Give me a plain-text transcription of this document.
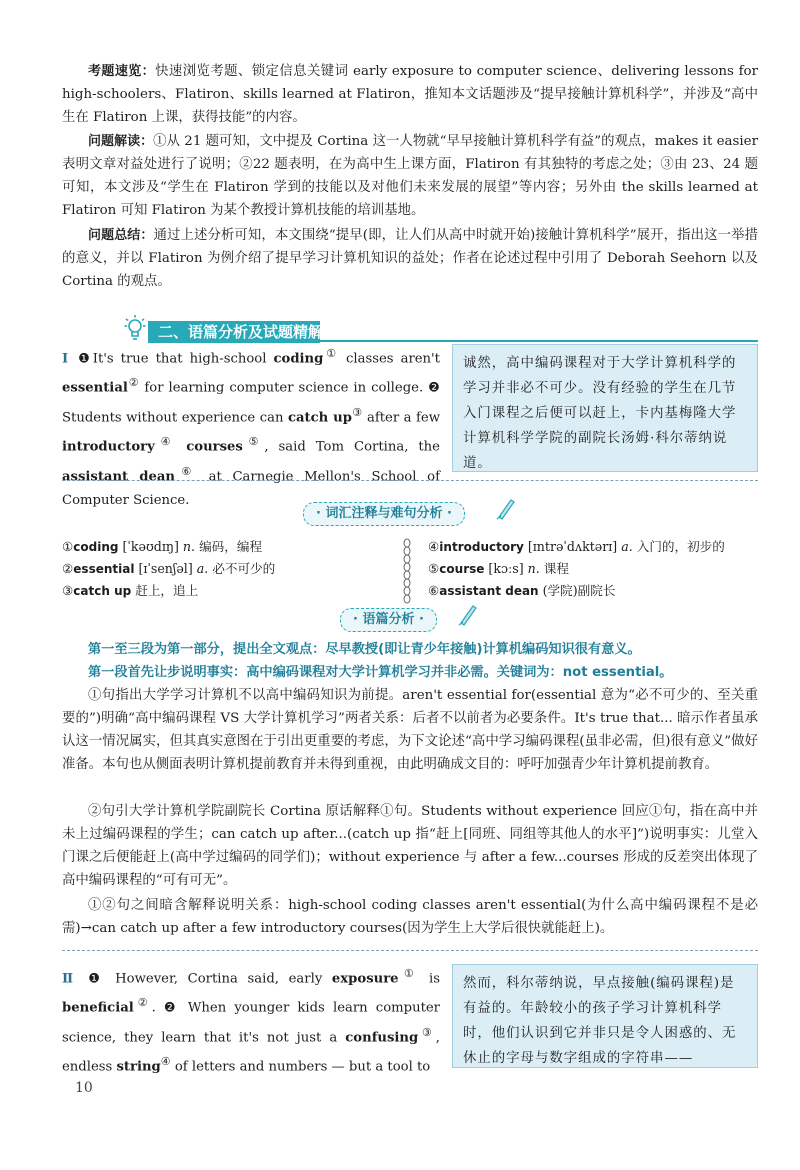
考题速览：快速浏览考题、锁定信息关键词 early exposure to computer science、delivering lessons for high-schoolers、Flatiron、skills learned at Flatiron，推知本文话题涉及“提早接触计算机科学”，并涉及“高中生在 Flatiron 上课，获得技能”的内容。
问题解读：①从 21 题可知，文中提及 Cortina 这一人物就“早早接触计算机科学有益”的观点，makes it easier 表明文章对益处进行了说明；②22 题表明，在为高中生上课方面，Flatiron 有其独特的考虑之处；③由 23、24 题可知，本文涉及“学生在 Flatiron 学到的技能以及对他们未来发展的展望”等内容；另外由 the skills learned at Flatiron 可知 Flatiron 为某个教授计算机技能的培训基地。
问题总结：通过上述分析可知，本文围绕“提早(即，让人们从高中时就开始)接触计算机科学”展开，指出这一举措的意义，并以 Flatiron 为例介绍了提早学习计算机知识的益处；作者在论述过程中引用了 Deborah Seehorn 以及 Cortina 的观点。
二、语篇分析及试题精解
Ⅰ ❶It's true that high-school coding① classes aren't essential② for learning computer science in college. ❷ Students without experience can catch up③ after a few introductory④ courses⑤, said Tom Cortina, the assistant dean⑥ at Carnegie Mellon's School of Computer Science.
诚然，高中编码课程对于大学计算机科学的学习并非必不可少。没有经验的学生在几节入门课程之后便可以赶上，卡内基梅隆大学计算机科学学院的副院长汤姆·科尔蒂纳说道。
· 词汇注释与难句分析 ·
①coding [ˈkəʊdɪŋ] n. 编码，编程
②essential [ɪˈsenʃəl] a. 必不可少的
③catch up 赶上，追上
④introductory [ɪntrəˈdʌktərɪ] a. 入门的，初步的
⑤course [kɔːs] n. 课程
⑥assistant dean (学院)副院长
· 语篇分析 ·
第一至三段为第一部分，提出全文观点：尽早教授(即让青少年接触)计算机编码知识很有意义。
第一段首先让步说明事实：高中编码课程对大学计算机学习并非必需。关键词为：not essential。
①句指出大学学习计算机不以高中编码知识为前提。aren't essential for(essential 意为“必不可少的、至关重要的”)明确“高中编码课程 VS 大学计算机学习”两者关系：后者不以前者为必要条件。It's true that... 暗示作者虽承认这一情况属实，但其真实意图在于引出更重要的考虑，为下文论述“高中学习编码课程(虽非必需，但)很有意义”做好准备。本句也从侧面表明计算机提前教育并未得到重视，由此明确成文目的：呼吁加强青少年计算机提前教育。
②句引大学计算机学院副院长 Cortina 原话解释①句。Students without experience 回应①句，指在高中并未上过编码课程的学生；can catch up after...(catch up 指“赶上[同班、同组等其他人的水平]”)说明事实：儿堂入门课之后便能赶上(高中学过编码的同学们)；without experience 与 after a few...courses 形成的反差突出体现了高中编码课程的“可有可无”。
①②句之间暗含解释说明关系：high-school coding classes aren't essential(为什么高中编码课程不是必需)→can catch up after a few introductory courses(因为学生上大学后很快就能赶上)。
Ⅱ ❶ However, Cortina said, early exposure① is beneficial②. ❷ When younger kids learn computer science, they learn that it's not just a confusing③, endless string④ of letters and numbers — but a tool to
然而，科尔蒂纳说，早点接触(编码课程)是有益的。年龄较小的孩子学习计算机科学时，他们认识到它并非只是令人困惑的、无休止的字母与数字组成的字符串——
10
